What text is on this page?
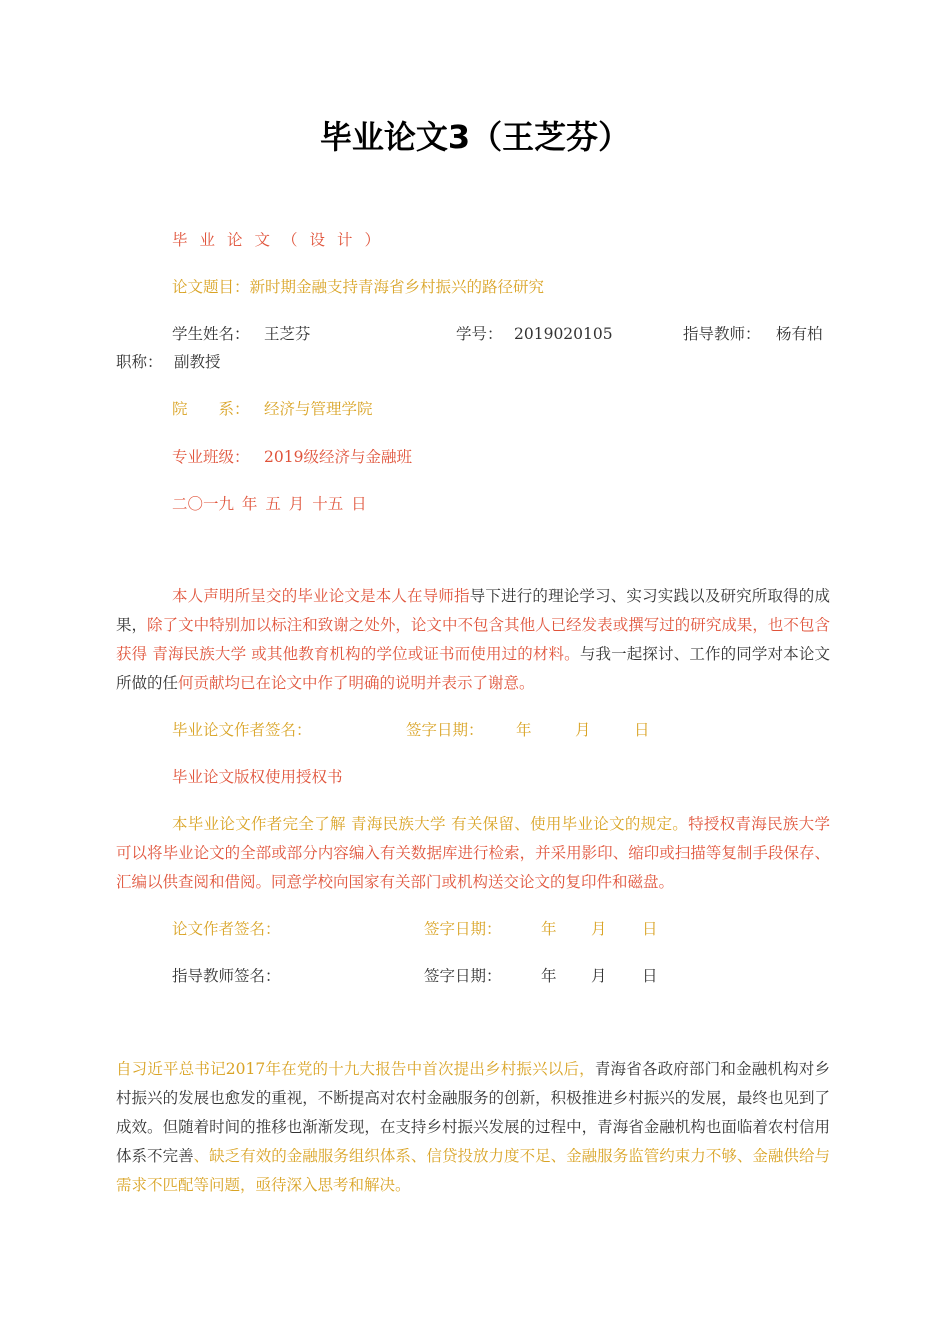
毕业论文3（王芝芬）
毕业论文（设计）
论文题目：新时期金融支持青海省乡村振兴的路径研究
学生姓名： 王芝芬	学号： 2019020105	指导教师： 杨有柏
职称： 副教授
院　　系： 经济与管理学院
专业班级： 2019级经济与金融班
二〇一九 年 五 月 十五 日
本人声明所呈交的毕业论文是本人在导师指导下进行的理论学习、实习实践以及研究所取得的成果，除了文中特别加以标注和致谢之处外，论文中不包含其他人已经发表或撰写过的研究成果，也不包含获得 青海民族大学 或其他教育机构的学位或证书而使用过的材料。与我一起探讨、工作的同学对本论文所做的任何贡献均已在论文中作了明确的说明并表示了谢意。
毕业论文作者签名：	签字日期： 年	月	日
毕业论文版权使用授权书
本毕业论文作者完全了解 青海民族大学 有关保留、使用毕业论文的规定。特授权青海民族大学可以将毕业论文的全部或部分内容编入有关数据库进行检索，并采用影印、缩印或扫描等复制手段保存、汇编以供查阅和借阅。同意学校向国家有关部门或机构送交论文的复印件和磁盘。
论文作者签名：	签字日期：	年 月 日
指导教师签名：	签字日期：	年 月 日
自习近平总书记2017年在党的十九大报告中首次提出乡村振兴以后，青海省各政府部门和金融机构对乡村振兴的发展也愈发的重视，不断提高对农村金融服务的创新，积极推进乡村振兴的发展，最终也见到了成效。但随着时间的推移也渐渐发现，在支持乡村振兴发展的过程中，青海省金融机构也面临着农村信用体系不完善、缺乏有效的金融服务组织体系、信贷投放力度不足、金融服务监管约束力不够、金融供给与需求不匹配等问题，亟待深入思考和解决。
